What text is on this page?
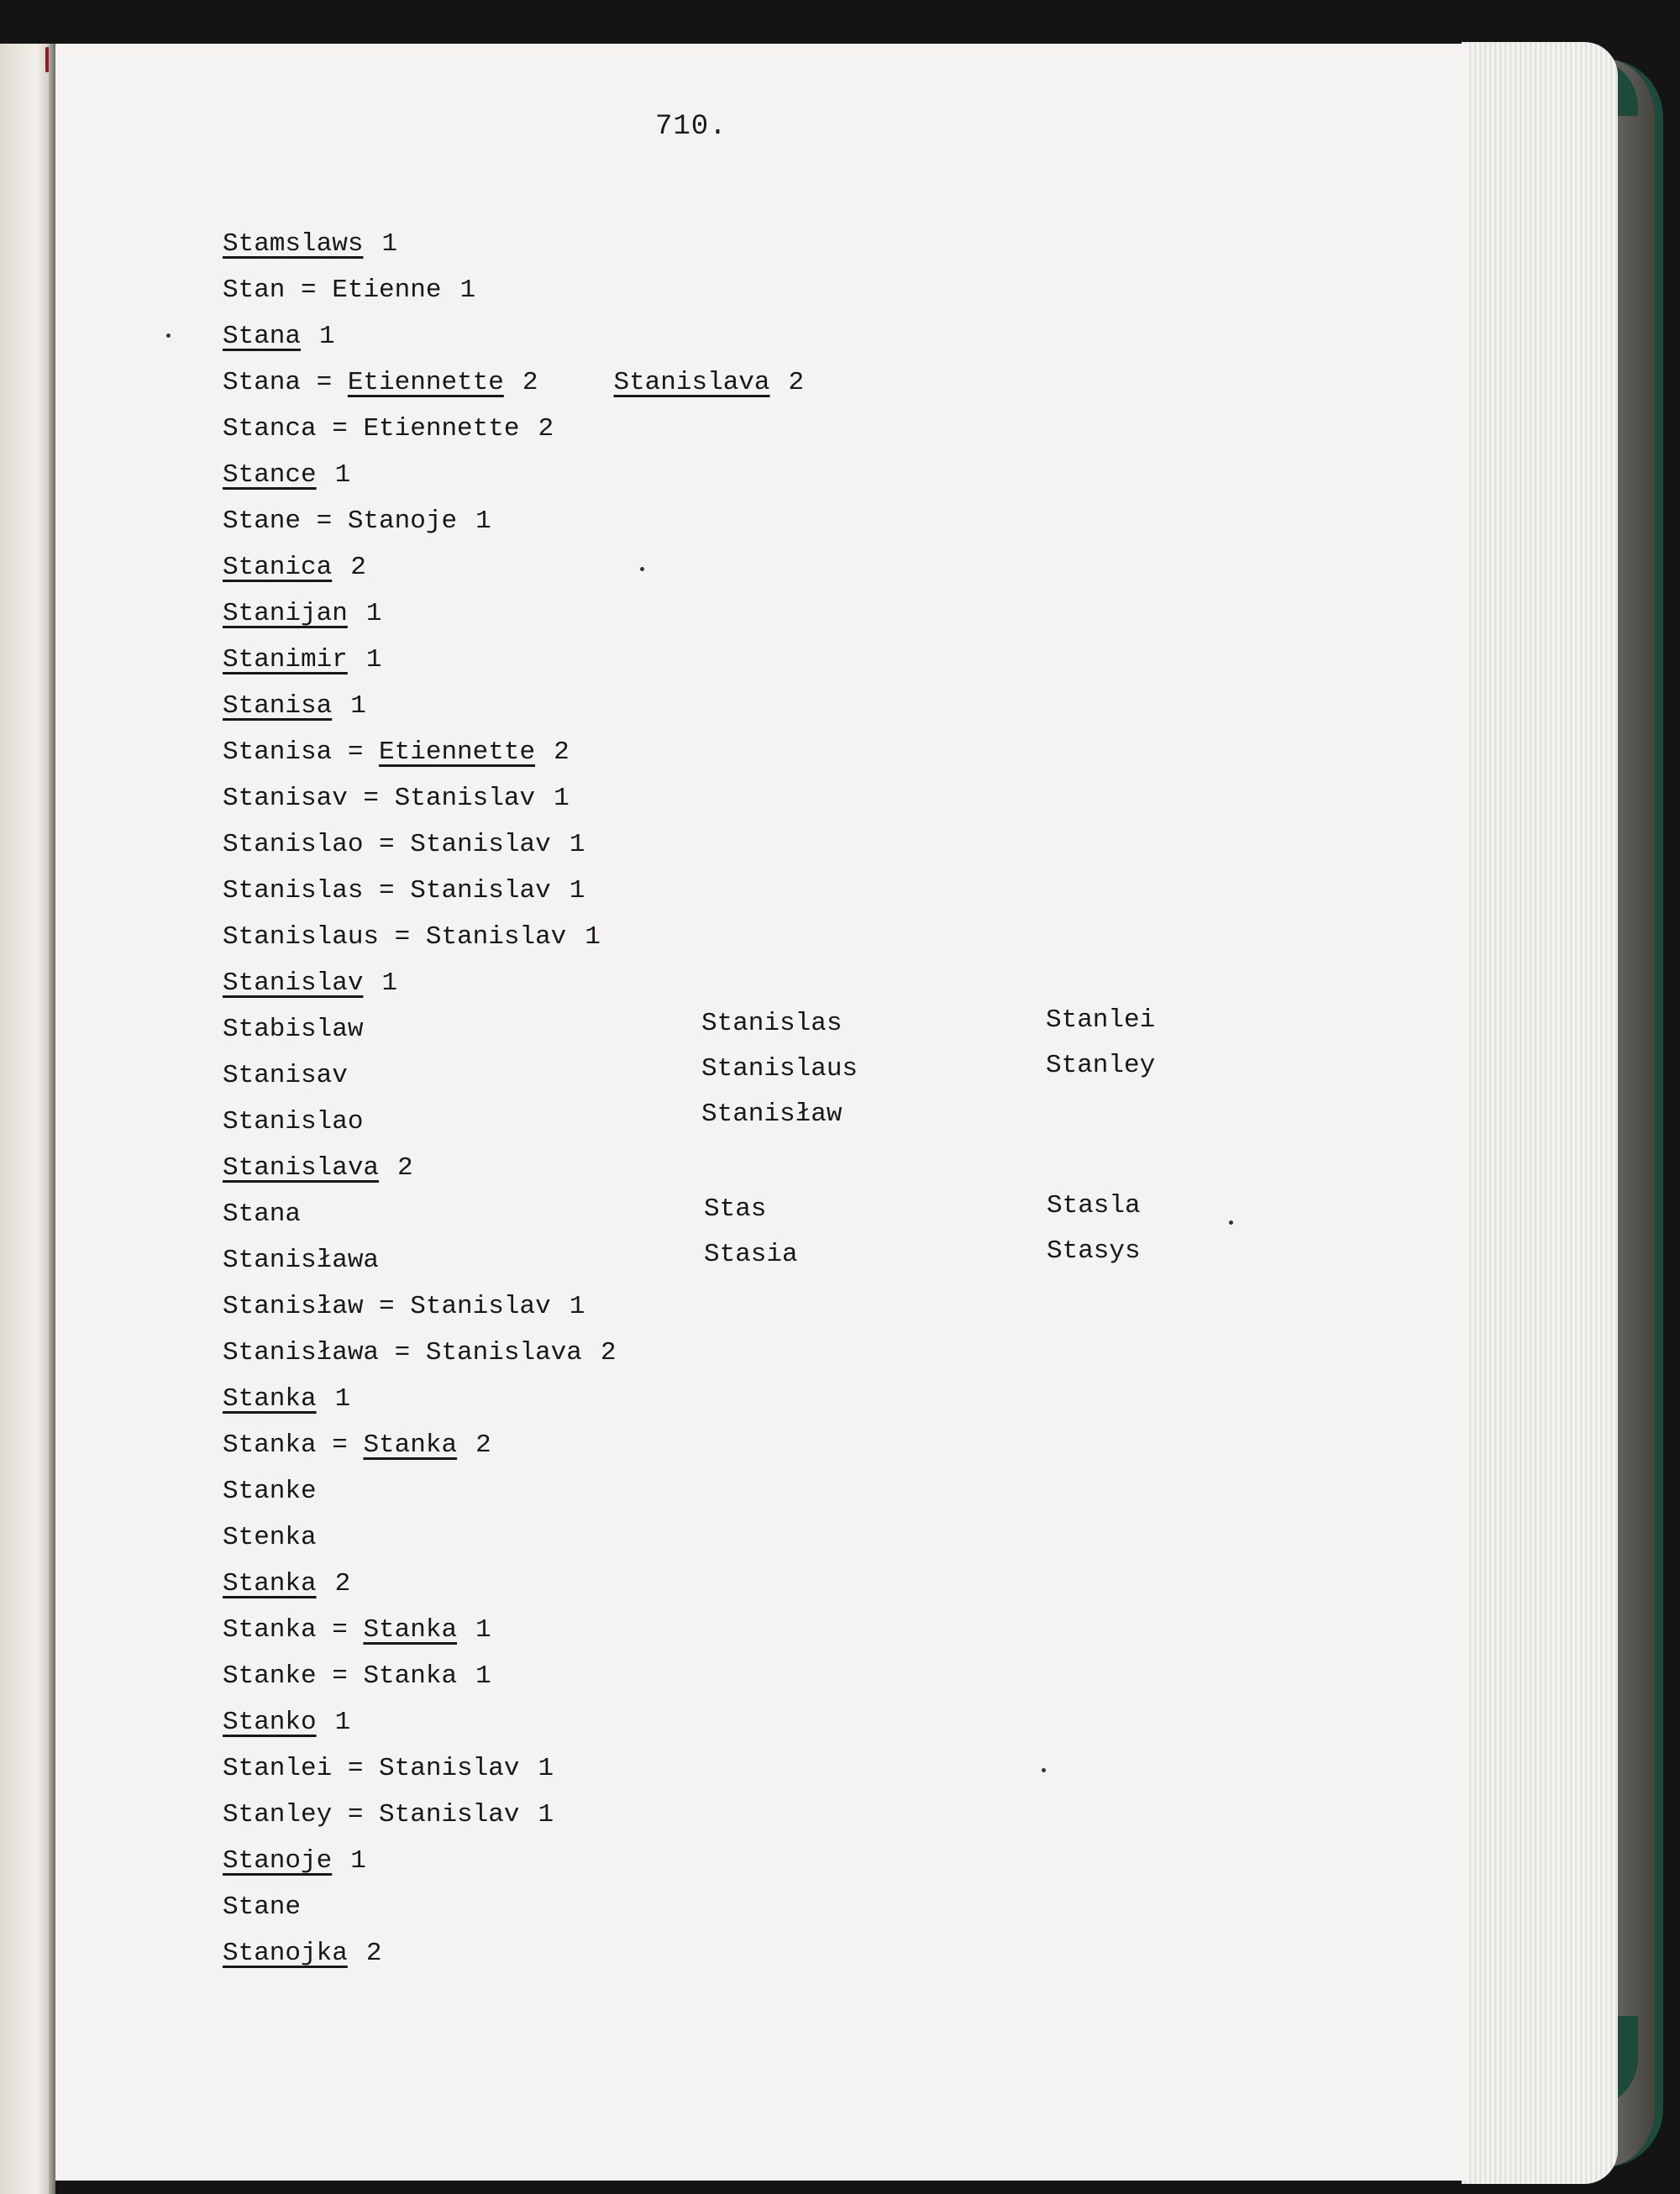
710.
Stamslaws 1
Stan = Etienne 1
Stana 1
Stana = Etiennette 2	Stanislava 2
Stanca = Etiennette 2
Stance 1
Stane = Stanoje 1
Stanica 2
Stanijan 1
Stanimir 1
Stanisa 1
Stanisa = Etiennette 2
Stanisav = Stanislav 1
Stanislao = Stanislav 1
Stanislas = Stanislav 1
Stanislaus = Stanislav 1
Stanislav 1
Stabislaw
Stanisav
Stanislao
Stanislava 2
Stana
Stanisława
Stanisław = Stanislav 1
Stanisława = Stanislava 2
Stanka 1
Stanka = Stanka 2
Stanke
Stenka
Stanka 2
Stanka = Stanka 1
Stanke = Stanka 1
Stanko 1
Stanlei = Stanislav 1
Stanley = Stanislav 1
Stanoje 1
Stane
Stanojka 2
Stanislas
Stanislaus
Stanisław
Stanlei
Stanley
Stas
Stasia
Stasla
Stasys
